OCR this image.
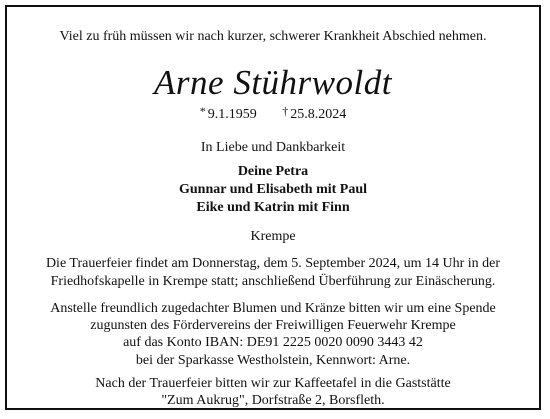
Viel zu früh müssen wir nach kurzer, schwerer Krankheit Abschied nehmen.
Arne Stührwoldt
* 9.1.1959 † 25.8.2024
In Liebe und Dankbarkeit
Deine Petra
Gunnar und Elisabeth mit Paul
Eike und Katrin mit Finn
Krempe
Die Trauerfeier findet am Donnerstag, dem 5. September 2024, um 14 Uhr in der
Friedhofskapelle in Krempe statt; anschließend Überführung zur Einäscherung.
Anstelle freundlich zugedachter Blumen und Kränze bitten wir um eine Spende
zugunsten des Fördervereins der Freiwilligen Feuerwehr Krempe
auf das Konto IBAN: DE91 2225 0020 0090 3443 42
bei der Sparkasse Westholstein, Kennwort: Arne.
Nach der Trauerfeier bitten wir zur Kaffeetafel in die Gaststätte
"Zum Aukrug", Dorfstraße 2, Borsfleth.
